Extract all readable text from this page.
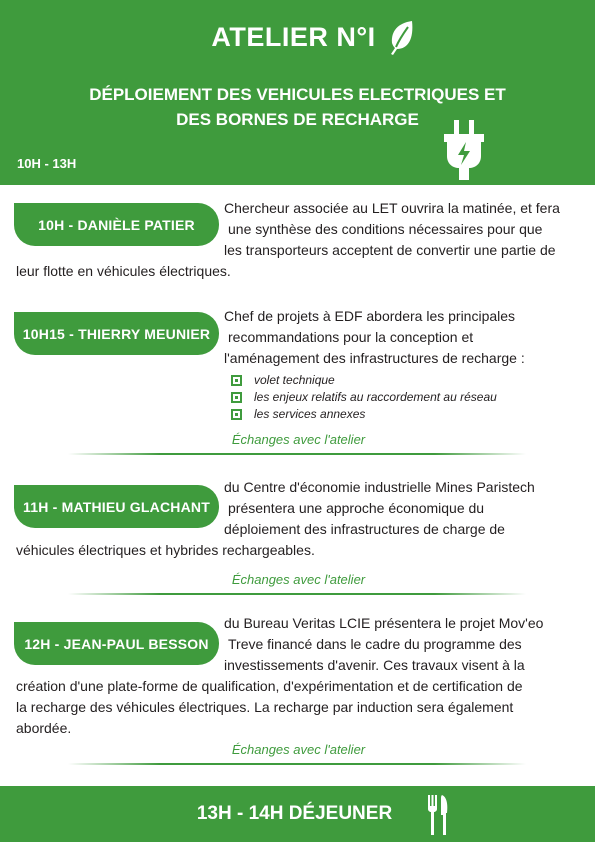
ATELIER N°I
DÉPLOIEMENT DES VEHICULES ELECTRIQUES ET
DES BORNES DE RECHARGE
10H - 13H
10H - DANIÈLE PATIER
Chercheur associée au LET ouvrira la matinée, et fera
une synthèse des conditions nécessaires pour que
les transporteurs acceptent de convertir une partie de
leur flotte en véhicules électriques.
10H15 - THIERRY MEUNIER
Chef de projets à EDF abordera les principales
recommandations pour la conception et
l'aménagement des infrastructures de recharge :
volet technique
les enjeux relatifs au raccordement au réseau
les services annexes
Échanges avec l'atelier
11H - MATHIEU GLACHANT
du Centre d'économie industrielle Mines Paristech
présentera une approche économique du
déploiement des infrastructures de charge de
véhicules électriques et hybrides rechargeables.
Échanges avec l'atelier
12H - JEAN-PAUL BESSON
du Bureau Veritas LCIE présentera le projet Mov'eo
Treve financé dans le cadre du programme des
investissements d'avenir. Ces travaux visent à la
création d'une plate-forme de qualification, d'expérimentation et de certification de
la recharge des véhicules électriques. La recharge par induction sera également
abordée.
Échanges avec l'atelier
13H - 14H DÉJEUNER
